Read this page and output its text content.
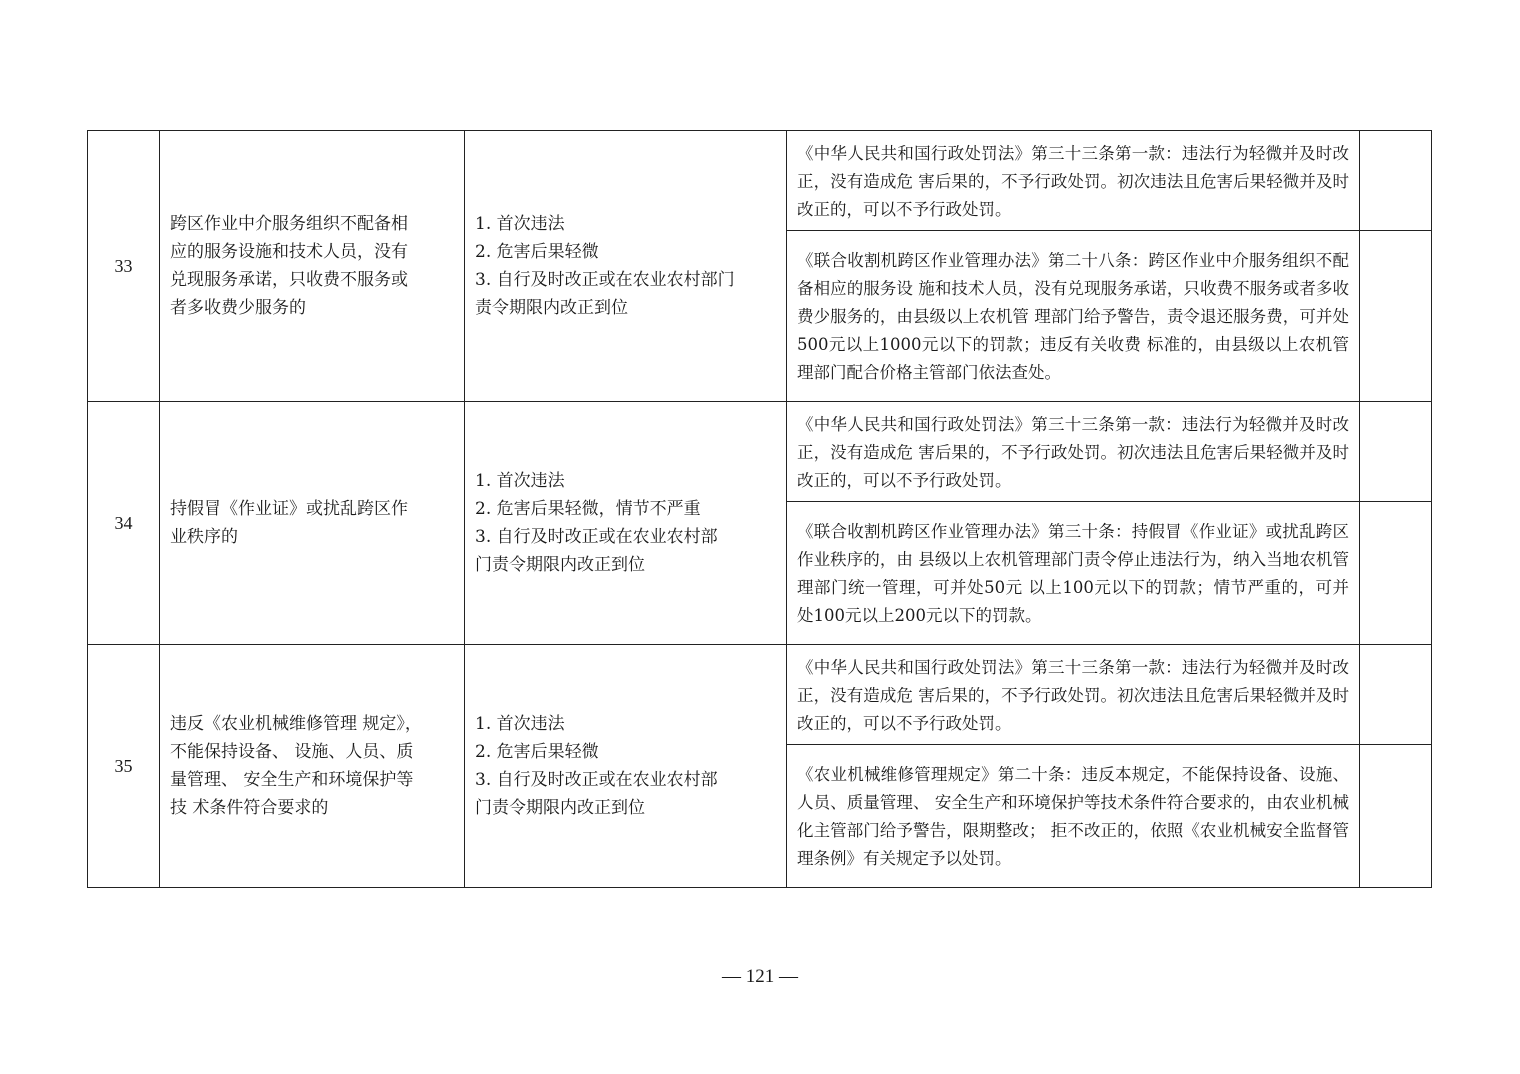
33	跨区作业中介服务组织不配备相
应的服务设施和技术人员，没有
兑现服务承诺，只收费不服务或
者多收费少服务的	1. 首次违法
2. 危害后果轻微
3. 自行及时改正或在农业农村部门
责令期限内改正到位	《中华人民共和国行政处罚法》第三十三条第一款：违法行为轻微并及时改正，没有造成危 害后果的，不予行政处罚。初次违法且危害后果轻微并及时改正的，可以不予行政处罚。	
			《联合收割机跨区作业管理办法》第二十八条：跨区作业中介服务组织不配备相应的服务设 施和技术人员，没有兑现服务承诺，只收费不服务或者多收费少服务的，由县级以上农机管 理部门给予警告，责令退还服务费，可并处500元以上1000元以下的罚款；违反有关收费 标准的，由县级以上农机管理部门配合价格主管部门依法查处。	
34	持假冒《作业证》或扰乱跨区作
业秩序的	1. 首次违法
2. 危害后果轻微，情节不严重
3. 自行及时改正或在农业农村部
门责令期限内改正到位	《中华人民共和国行政处罚法》第三十三条第一款：违法行为轻微并及时改正，没有造成危 害后果的，不予行政处罚。初次违法且危害后果轻微并及时改正的，可以不予行政处罚。	
			《联合收割机跨区作业管理办法》第三十条：持假冒《作业证》或扰乱跨区作业秩序的，由 县级以上农机管理部门责令停止违法行为，纳入当地农机管理部门统一管理，可并处50元 以上100元以下的罚款；情节严重的，可并处100元以上200元以下的罚款。	
35	违反《农业机械维修管理 规定》，
不能保持设备、 设施、人员、质
量管理、 安全生产和环境保护等
技 术条件符合要求的	1. 首次违法
2. 危害后果轻微
3. 自行及时改正或在农业农村部
门责令期限内改正到位	《中华人民共和国行政处罚法》第三十三条第一款：违法行为轻微并及时改正，没有造成危 害后果的，不予行政处罚。初次违法且危害后果轻微并及时改正的，可以不予行政处罚。	
			《农业机械维修管理规定》第二十条：违反本规定，不能保持设备、设施、人员、质量管理、 安全生产和环境保护等技术条件符合要求的，由农业机械化主管部门给予警告，限期整改； 拒不改正的，依照《农业机械安全监督管理条例》有关规定予以处罚。	
— 121 —
